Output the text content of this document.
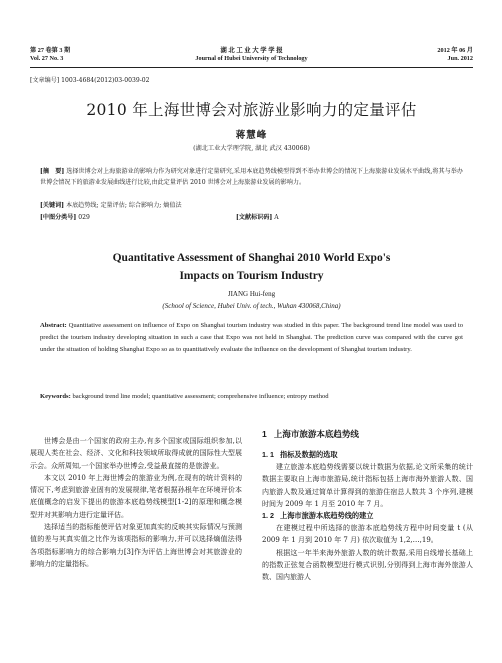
第 27 卷第 3 期
Vol. 27 No. 3
湖 北 工 业 大 学 学 报
Journal of Hubei University of Technology
2012 年 06 月
Jun. 2012
[文章编号] 1003-4684(2012)03-0039-02
2010 年上海世博会对旅游业影响力的定量评估
蒋慧峰
(湖北工业大学理学院, 湖北 武汉 430068)
[摘　要] 选择世博会对上海旅游业的影响力作为研究对象进行定量研究,采用本底趋势线模型得到不举办世博会的情况下上海旅游业发展水平曲线,将其与举办世博会情况下的旅游业发展曲线进行比较,由此定量评估 2010 世博会对上海旅游业发展的影响力。
[关键词] 本底趋势线; 定量评估; 综合影响力; 熵值法
[中图分类号] 029	[文献标识码] A
Quantitative Assessment of Shanghai 2010 World Expo's
Impacts on Tourism Industry
JIANG Hui-feng
(School of Science, Hubei Univ. of tech., Wuhan 430068,China)
Abstract: Quantitative assessment on influence of Expo on Shanghai tourism industry was studied in this paper. The background trend line model was used to predict the tourism industry developing situation in such a case that Expo was not held in Shanghai. The prediction curve was compared with the curve got under the situation of holding Shanghai Expo so as to quantitatively evaluate the influence on the development of Shanghai tourism industry.
Keywords: background trend line model; quantitative assessment; comprehensive influence; entropy method

世博会是由一个国家的政府主办,有多个国家或国际组织参加,以展现人类在社会、经济、文化和科技领域所取得成就的国际性大型展示会。众所周知,一个国家举办世博会,受益最直接的是旅游业。

本文以 2010 年上海世博会的旅游业为例,在现有的统计资料的情况下,考虑到旅游业固有的发展规律,笔者根据孙根年在环境评价本底值概念的启发下提出的旅游本底趋势线模型[1-2]的原理和概念模型并对其影响力进行定量评估。

选择适当的指标能使评估对象更加真实的反映其实际情况与预测值的差与其真实值之比作为该项指标的影响力,并可以选择熵值法得各项指标影响力的综合影响力[3]作为评估上海世博会对其旅游业的影响力的定量指标。

1 上海市旅游本底趋势线
1. 1 指标及数据的选取

建立旅游本底趋势线需要以统计数据为依据,论文所采集的统计数据主要取自上海市旅游局,统计指标包括上海市海外旅游人数、国内旅游人数及通过简单计算得到的旅游住宿总人数共 3 个序列,建模时间为 2009 年 1 月至 2010 年 7 月。

1. 2 上海市旅游本底趋势线的建立

在建模过程中所选择的旅游本底趋势线方程中时间变量 t (从 2009 年 1 月到 2010 年 7 月) 依次取值为 1,2,…,19。

根据这一年半来海外旅游人数的统计数据,采用自线增长基础上的指数正弦复合函数模型进行模式识别,分别得到上海市海外旅游人数、国内旅游人
